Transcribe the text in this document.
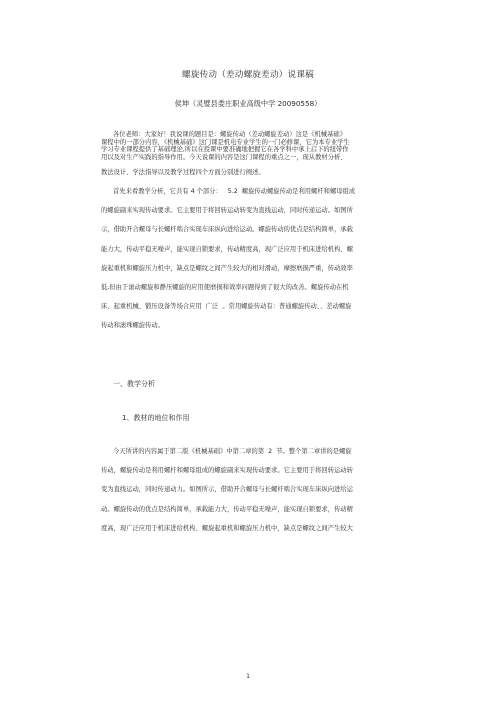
螺旋传动（差动螺旋差动）说课稿
侯坤（灵璧县娄庄职业高级中学 20090558）

各位老师：大家好！我说课的题目是：螺旋传动（差动螺旋差动）这是《机械基础》

课程中的一部分内容，《机械基础》这门课是机电专业学生的一门必修课，它为本专业学生

学习专业课程提供了基础理论,所以在授课中要准确地把握它在各学科中承上启下的纽带作

用以及对生产实践的指导作用。今天说课的内容是这门课程的重点之一，现从教材分析、

教法设计、学法指导以及教学过程四个方面分别进行阐述。

首先来看教学分析，它共有 4 个部分：   5.2  螺旋传动螺旋传动是利用螺杆和螺母组成

的螺旋副来实现传动要求。它主要用于将回转运动转变为直线运动，同时传递运动。如图所

示，借助开合螺母与长螺杆啮合实现车床纵向进给运动。螺旋传动的优点是结构简单，承载

能力大，传动平稳无噪声，能实现自锁要求，传动精度高，现广泛应用于机床进给机构、螺

旋起重机和螺旋压力机中，缺点是螺纹之间产生较大的相对滑动，摩擦磨损严重，传动效率

低,但由于滚动螺旋和静压螺旋的应用使磨损和效率问题得到了很大的改善。螺旋传动在机

床、起重机械、锻压设备等场合应用  广泛  。常用螺旋传动有：普通螺旋传动、、差动螺旋

传动和滚珠螺旋传动。

一、教学分析
1、教材的地位和作用

今天所讲的内容属于第二版《机械基础》中第二章的第  2  节。整个第二章讲的是螺旋

传动，螺旋传动是利用螺杆和螺母组成的螺旋副来实现传动要求。它主要用于将回转运动转

变为直线运动，同时传递动力。如图所示，借助开合螺母与长螺杆啮合实现车床纵向进给运

动。螺旋传动的优点是结构简单，承载能力大，传动平稳无噪声，能实现自锁要求，传动精

度高，现广泛应用于机床进给机构、螺旋起重机和螺旋压力机中，缺点是螺纹之间产生较大

1
